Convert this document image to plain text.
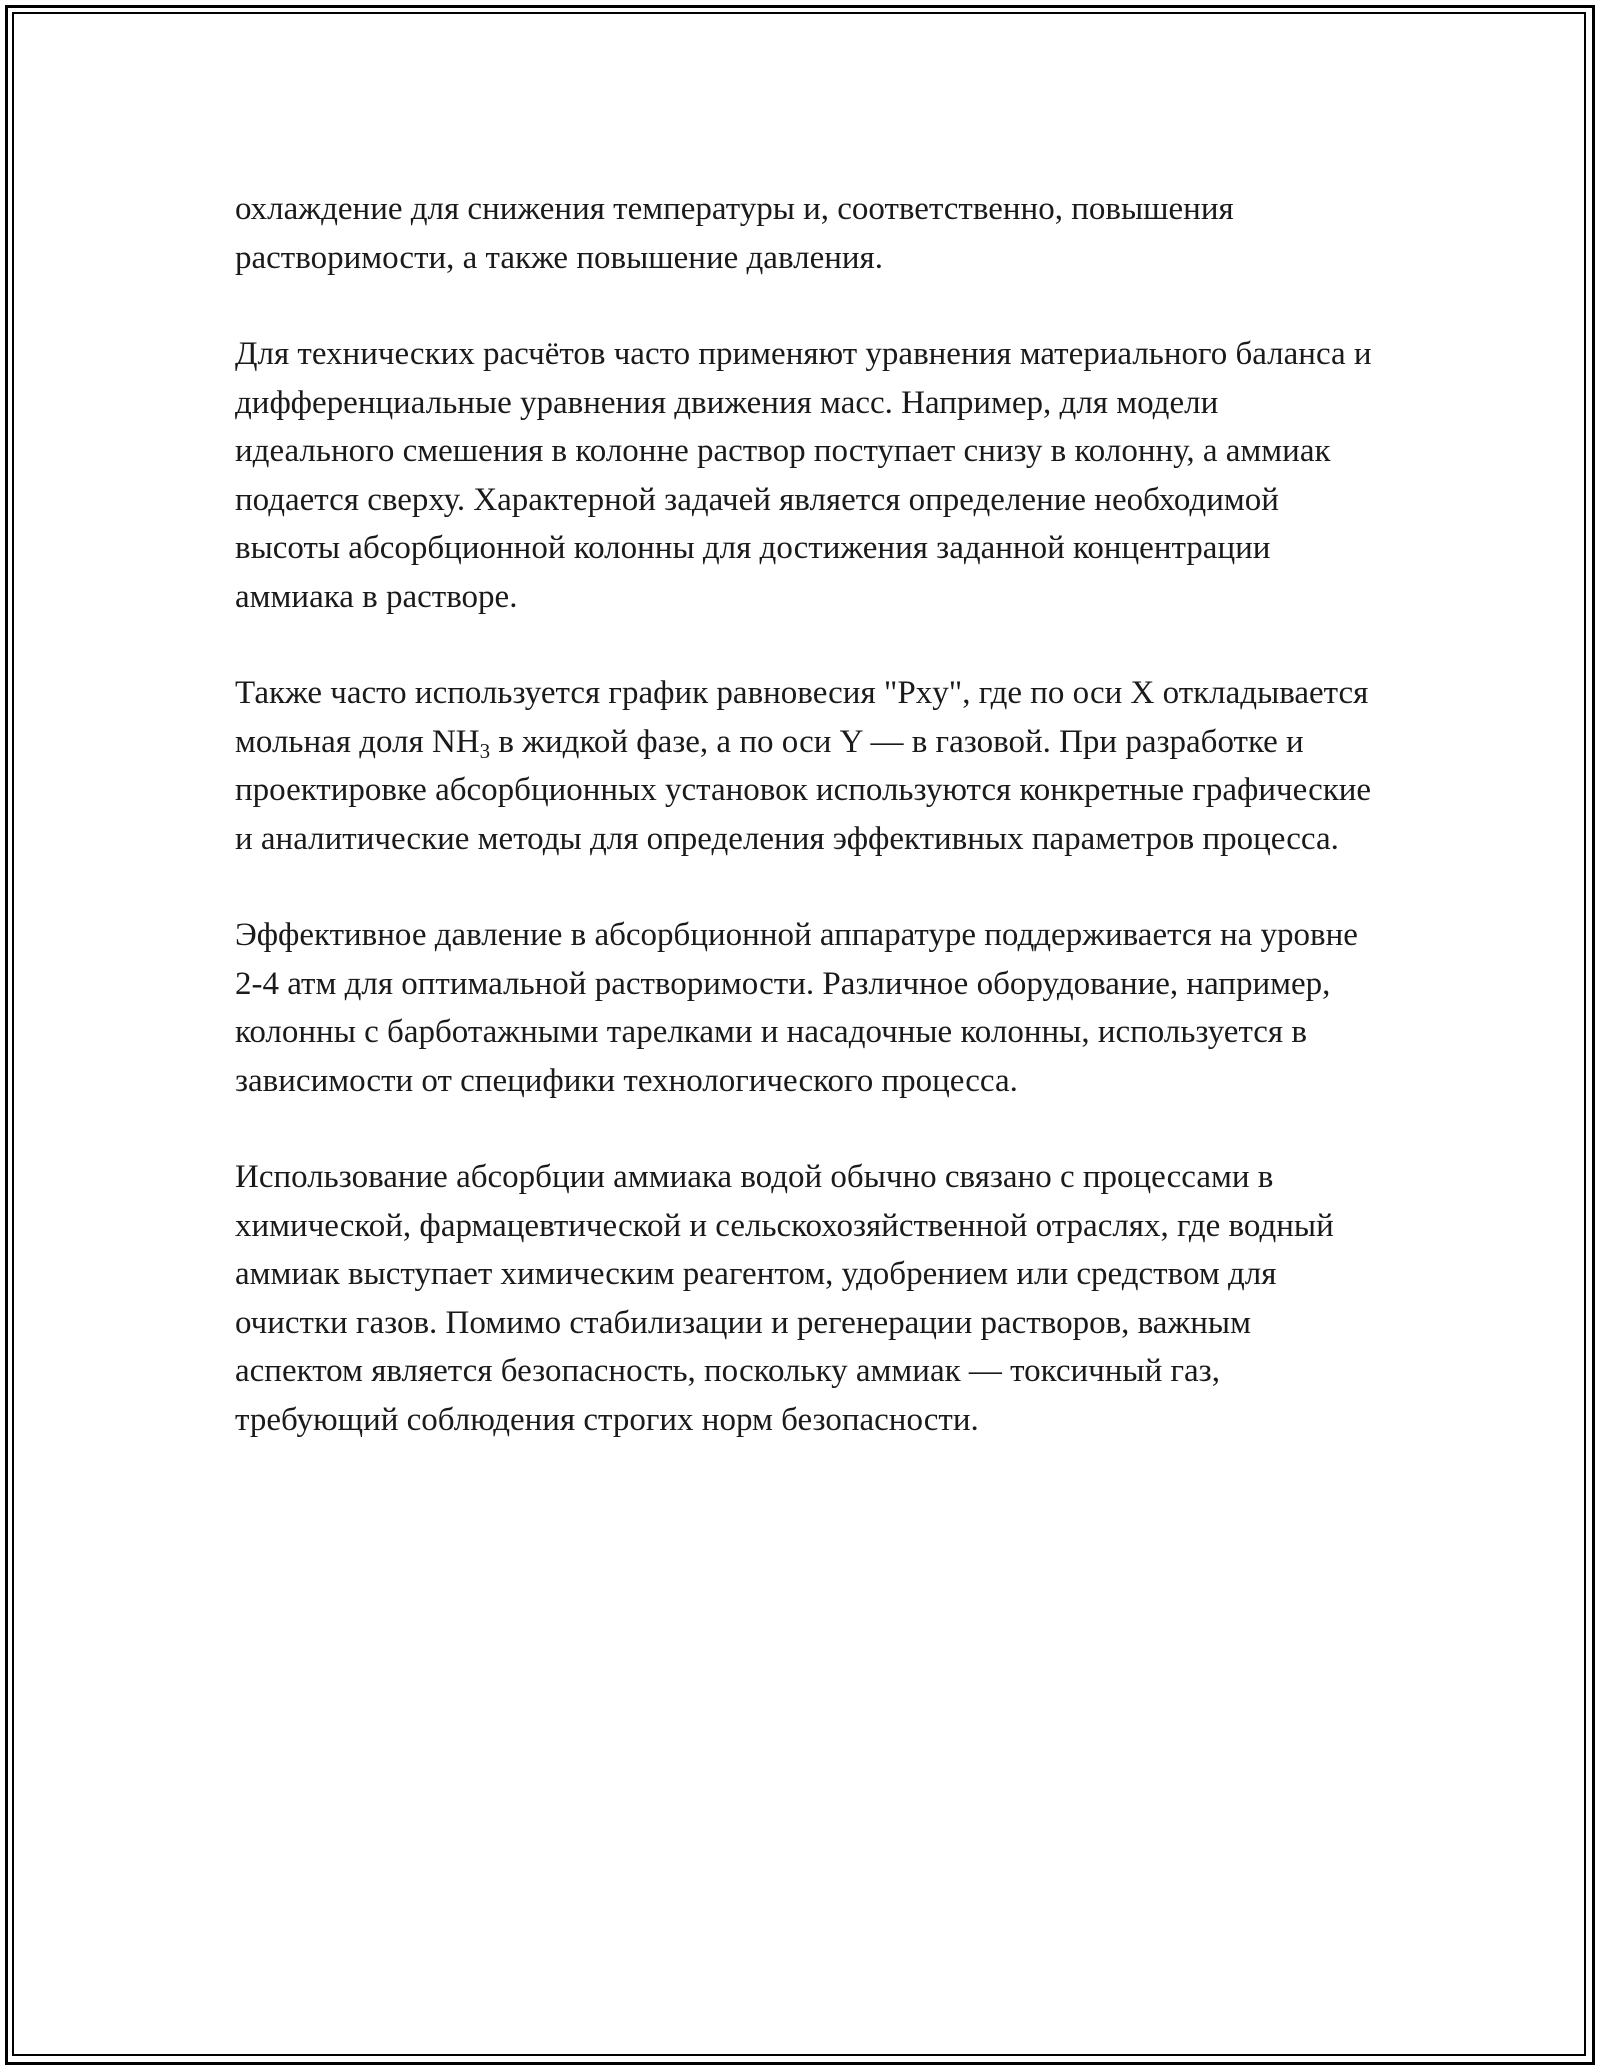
охлаждение для снижения температуры и, соответственно, повышения растворимости, а также повышение давления.

Для технических расчётов часто применяют уравнения материального баланса и дифференциальные уравнения движения масс. Например, для модели идеального смешения в колонне раствор поступает снизу в колонну, а аммиак подается сверху. Характерной задачей является определение необходимой высоты абсорбционной колонны для достижения заданной концентрации аммиака в растворе.

Также часто используется график равновесия "Pxy", где по оси X откладывается мольная доля $NH_3$ в жидкой фазе, а по оси Y — в газовой. При разработке и проектировке абсорбционных установок используются конкретные графические и аналитические методы для определения эффективных параметров процесса.

Эффективное давление в абсорбционной аппаратуре поддерживается на уровне 2-4 атм для оптимальной растворимости. Различное оборудование, например, колонны с барботажными тарелками и насадочные колонны, используется в зависимости от специфики технологического процесса.

Использование абсорбции аммиака водой обычно связано с процессами в химической, фармацевтической и сельскохозяйственной отраслях, где водный аммиак выступает химическим реагентом, удобрением или средством для очистки газов. Помимо стабилизации и регенерации растворов, важным аспектом является безопасность, поскольку аммиак — токсичный газ, требующий соблюдения строгих норм безопасности.
